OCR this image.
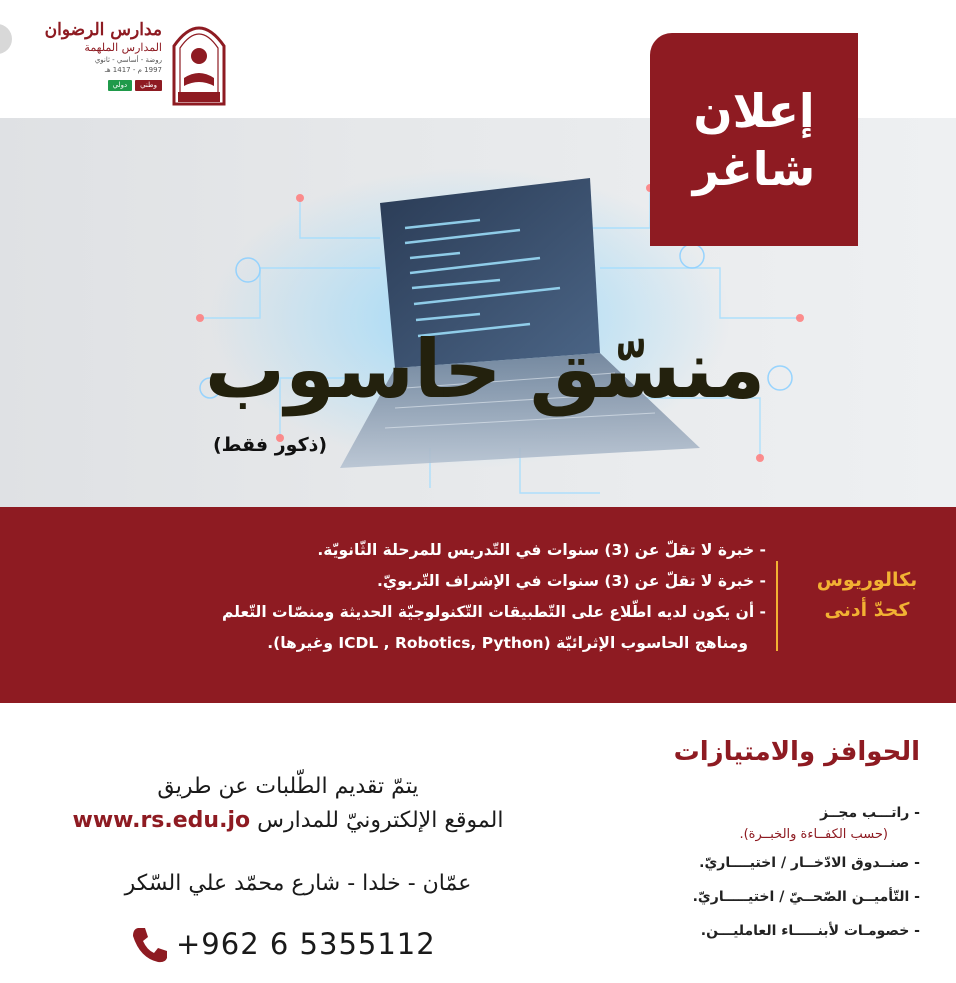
مدارس الرضوان
المدارس الملهمة
روضة - أساسي - ثانوي
1997 م - 1417 هـ
وطني
دولي	إعلان
شاغر
منسّق حاسوب
(ذكور فقط)
بكالوريوس
كحدّ أدنى
- خبرة لا تقلّ عن (3) سنوات في التّدريس للمرحلة الثّانويّة.
- خبرة لا تقلّ عن (3) سنوات في الإشراف التّربويّ.
- أن يكون لديه اطّلاع على التّطبيقات التّكنولوجيّة الحديثة ومنصّات التّعلم
ومناهج الحاسوب الإثرائيّة (ICDL , Robotics, Python وغيرها).
الحوافز والامتيازات
- راتـــب مجــز
(حسب الكفــاءة والخبــرة).
- صنــدوق الادّخــار / اختيــــاريّ.
- التّأميــن الصّحــيّ / اختيـــــاريّ.
- خصومـات لأبنـــــاء العامليـــن.
يتمّ تقديم الطّلبات عن طريق
الموقع الإلكترونيّ للمدارس www.rs.edu.jo
عمّان - خلدا - شارع محمّد علي السّكر
+962 6 5355112
